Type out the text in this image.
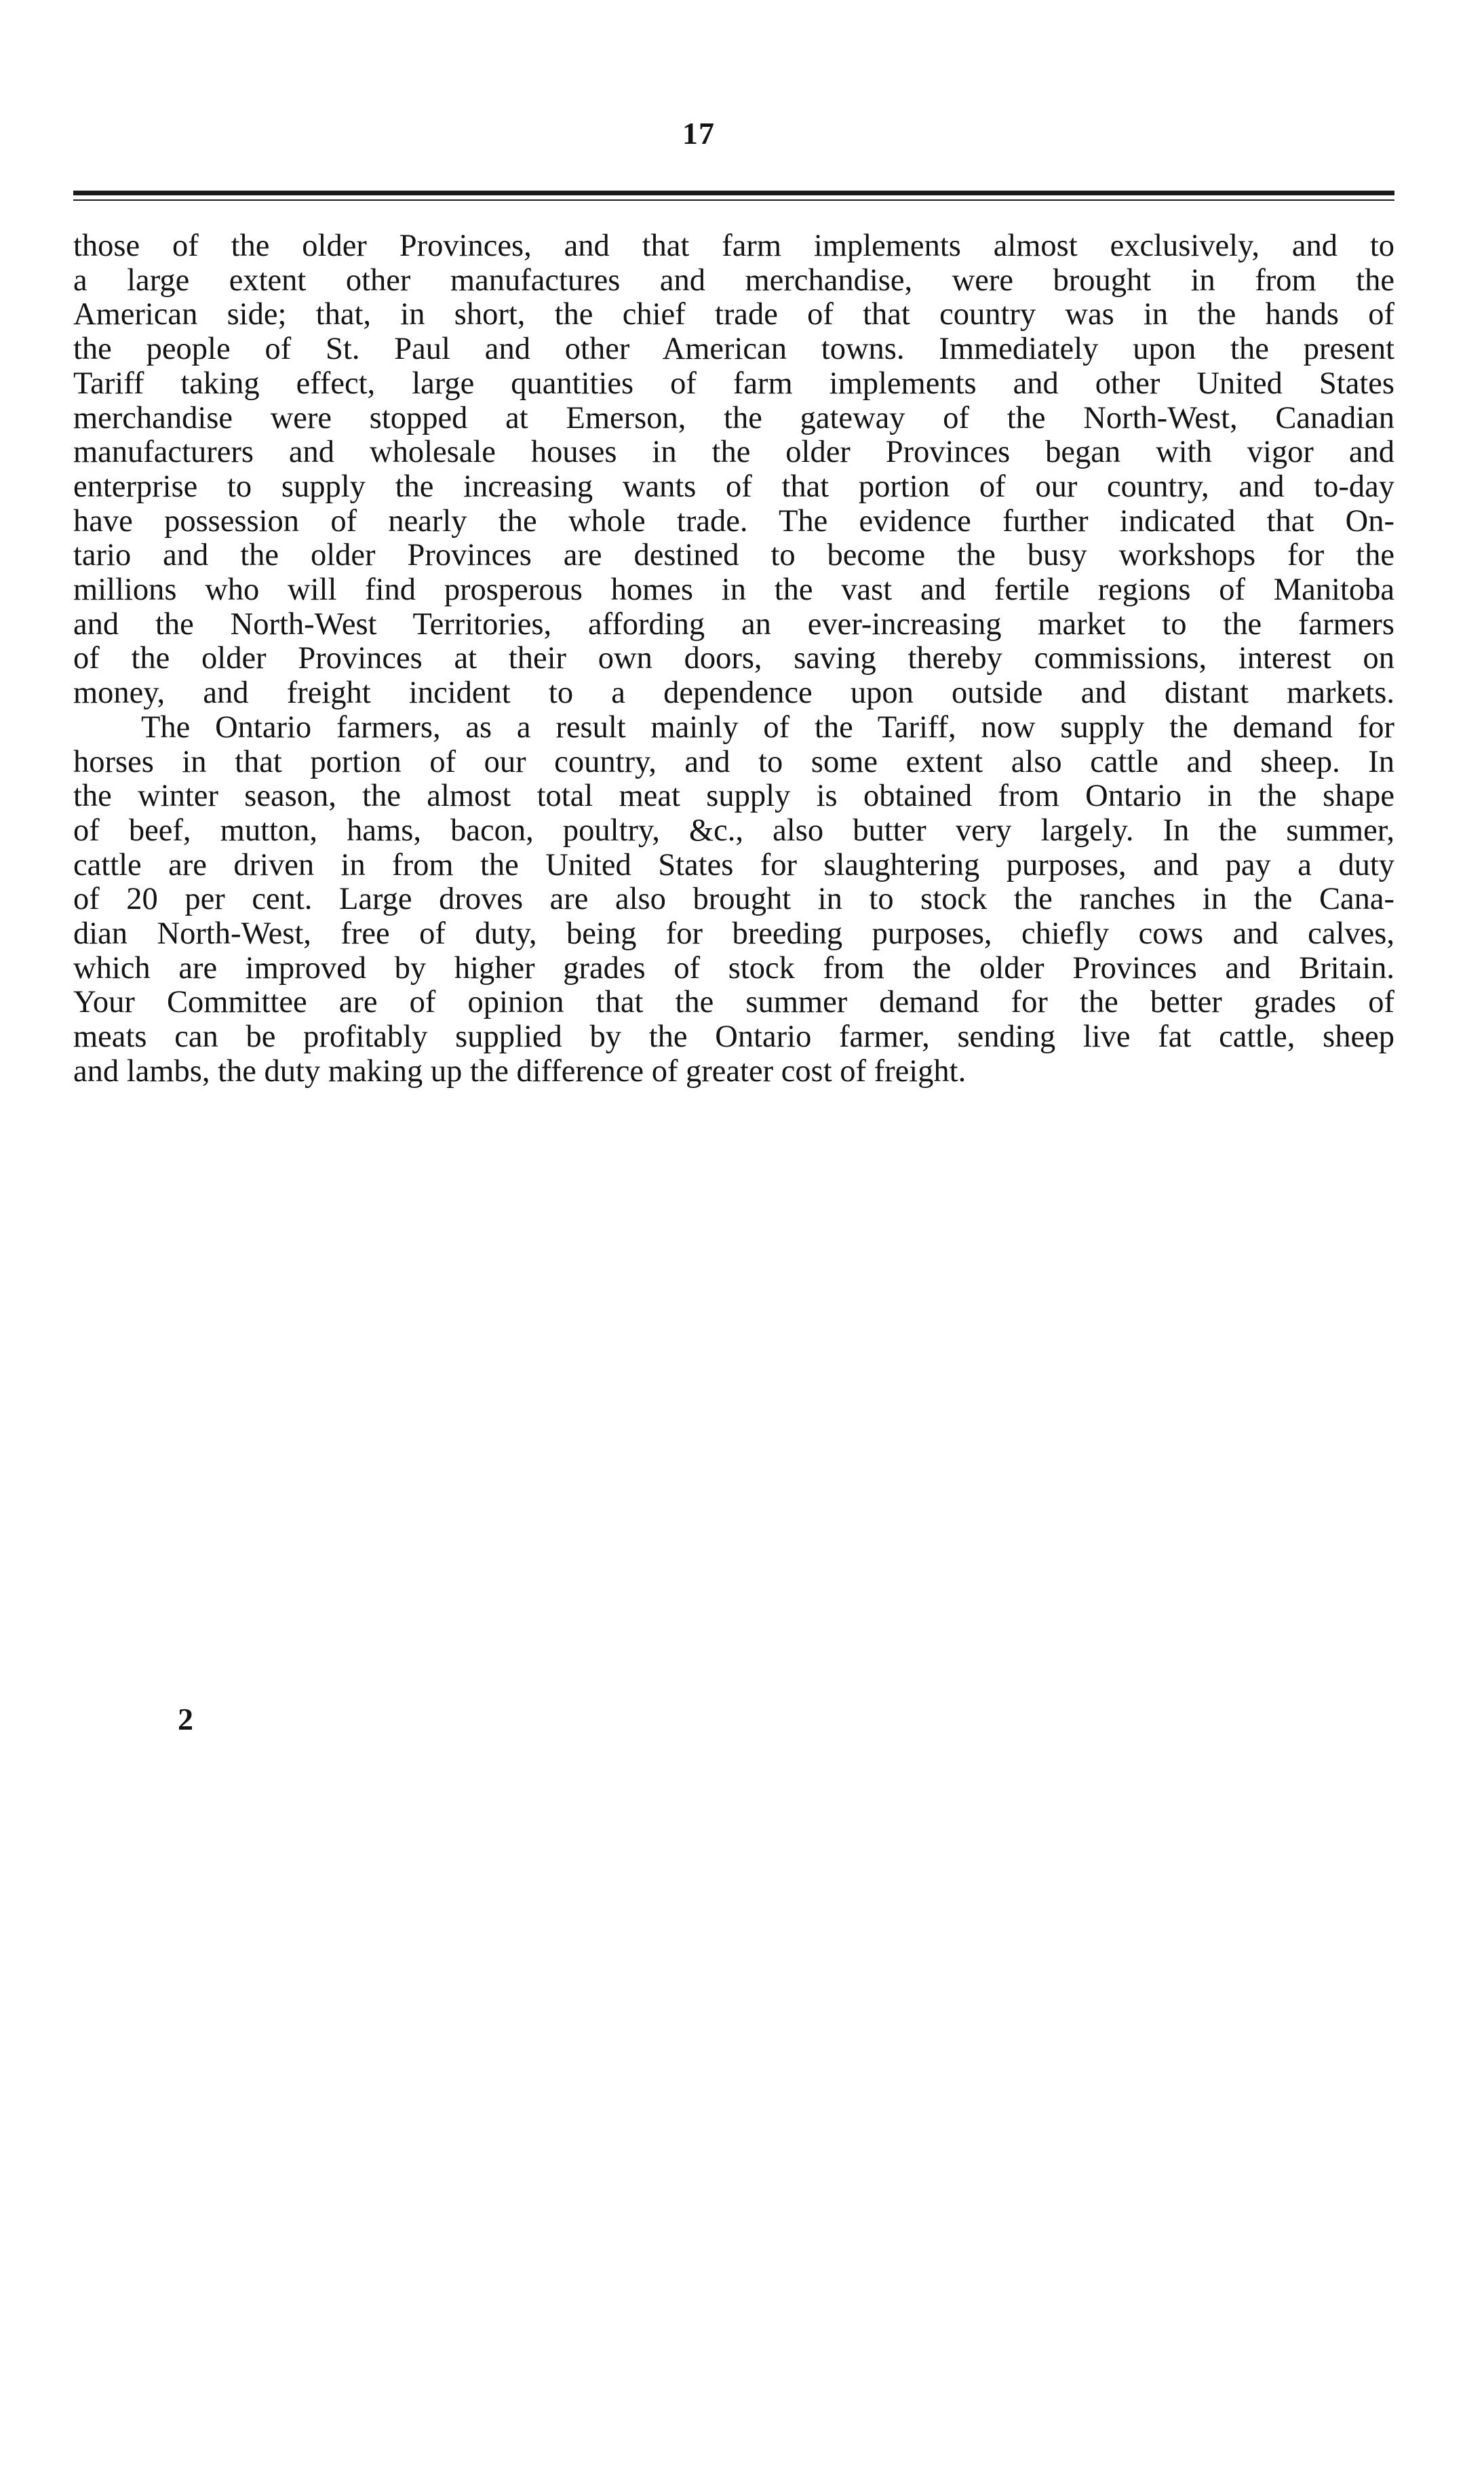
17
those of the older Provinces, and that farm implements almost exclusively, and to
a large extent other manufactures and merchandise, were brought in from the
American side; that, in short, the chief trade of that country was in the hands of
the people of St. Paul and other American towns. Immediately upon the present
Tariff taking effect, large quantities of farm implements and other United States
merchandise were stopped at Emerson, the gateway of the North-West, Canadian
manufacturers and wholesale houses in the older Provinces began with vigor and
enterprise to supply the increasing wants of that portion of our country, and to-day
have possession of nearly the whole trade. The evidence further indicated that On-
tario and the older Provinces are destined to become the busy workshops for the
millions who will find prosperous homes in the vast and fertile regions of Manitoba
and the North-West Territories, affording an ever-increasing market to the farmers
of the older Provinces at their own doors, saving thereby commissions, interest on
money, and freight incident to a dependence upon outside and distant markets.
The Ontario farmers, as a result mainly of the Tariff, now supply the demand for
horses in that portion of our country, and to some extent also cattle and sheep. In
the winter season, the almost total meat supply is obtained from Ontario in the shape
of beef, mutton, hams, bacon, poultry, &c., also butter very largely. In the summer,
cattle are driven in from the United States for slaughtering purposes, and pay a duty
of 20 per cent. Large droves are also brought in to stock the ranches in the Cana-
dian North-West, free of duty, being for breeding purposes, chiefly cows and calves,
which are improved by higher grades of stock from the older Provinces and Britain.
Your Committee are of opinion that the summer demand for the better grades of
meats can be profitably supplied by the Ontario farmer, sending live fat cattle, sheep
and lambs, the duty making up the difference of greater cost of freight.
2
